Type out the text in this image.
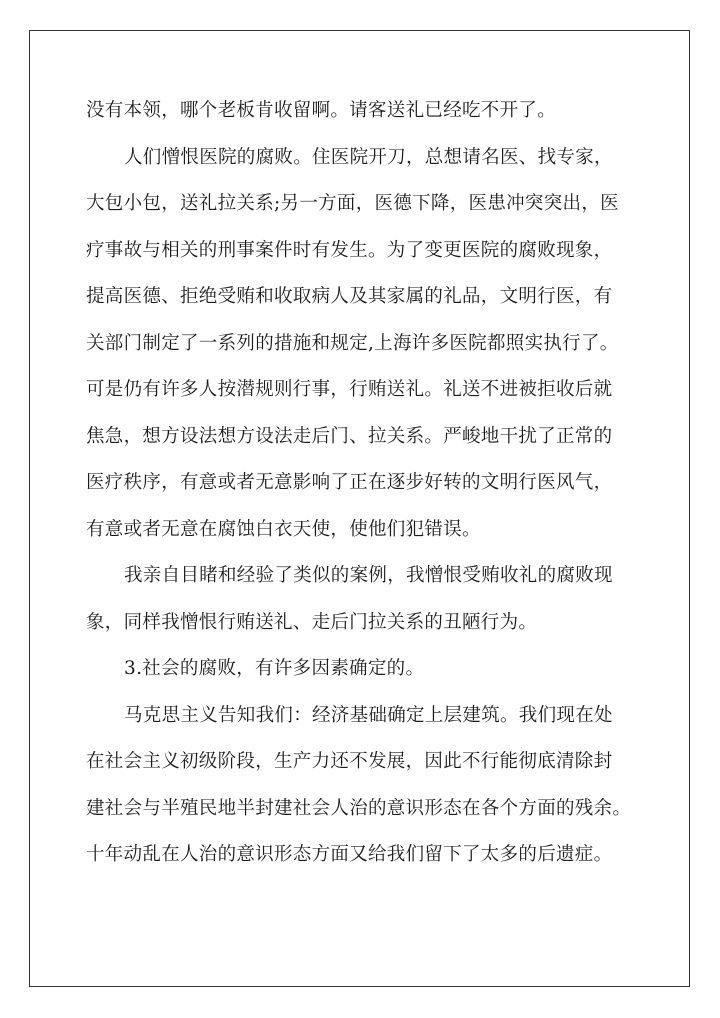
没有本领，哪个老板肯收留啊。请客送礼已经吃不开了。
人们憎恨医院的腐败。住医院开刀，总想请名医、找专家，
大包小包，送礼拉关系;另一方面，医德下降，医患冲突突出，医
疗事故与相关的刑事案件时有发生。为了变更医院的腐败现象，
提高医德、拒绝受贿和收取病人及其家属的礼品，文明行医，有
关部门制定了一系列的措施和规定,上海许多医院都照实执行了。
可是仍有许多人按潜规则行事，行贿送礼。礼送不进被拒收后就
焦急，想方设法想方设法走后门、拉关系。严峻地干扰了正常的
医疗秩序，有意或者无意影响了正在逐步好转的文明行医风气，
有意或者无意在腐蚀白衣天使，使他们犯错误。
我亲自目睹和经验了类似的案例，我憎恨受贿收礼的腐败现
象，同样我憎恨行贿送礼、走后门拉关系的丑陋行为。
3.社会的腐败，有许多因素确定的。
马克思主义告知我们：经济基础确定上层建筑。我们现在处
在社会主义初级阶段，生产力还不发展，因此不行能彻底清除封
建社会与半殖民地半封建社会人治的意识形态在各个方面的残余。
十年动乱在人治的意识形态方面又给我们留下了太多的后遗症。
